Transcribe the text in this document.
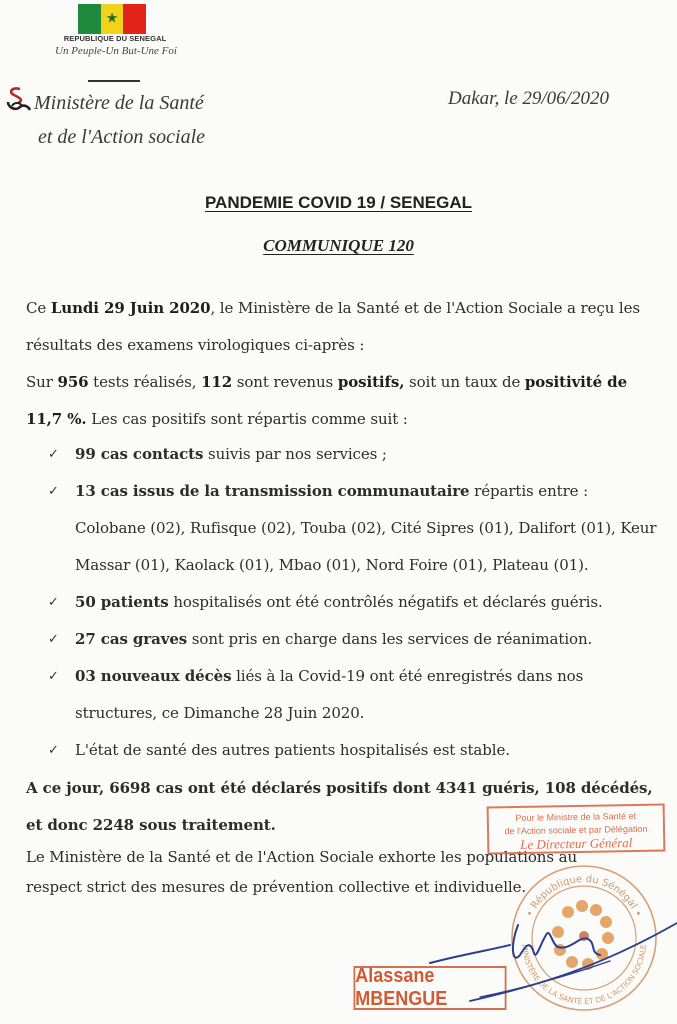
★
REPUBLIQUE DU SENEGAL
Un Peuple-Un But-Une Foi
Ministère de la Santé
et de l'Action sociale
Dakar, le 29/06/2020
PANDEMIE COVID 19 / SENEGAL
COMMUNIQUE 120
Ce Lundi 29 Juin 2020, le Ministère de la Santé et de l'Action Sociale a reçu les résultats des examens virologiques ci-après :
Sur 956 tests réalisés, 112 sont revenus positifs, soit un taux de positivité de 11,7 %. Les cas positifs sont répartis comme suit :
✓ 99 cas contacts suivis par nos services ;
✓ 13 cas issus de la transmission communautaire répartis entre :
Colobane (02), Rufisque (02), Touba (02), Cité Sipres (01), Dalifort (01), Keur Massar (01), Kaolack (01), Mbao (01), Nord Foire (01), Plateau (01).
✓ 50 patients hospitalisés ont été contrôlés négatifs et déclarés guéris.
✓ 27 cas graves sont pris en charge dans les services de réanimation.
✓ 03 nouveaux décès liés à la Covid-19 ont été enregistrés dans nos structures, ce Dimanche 28 Juin 2020.
✓ L'état de santé des autres patients hospitalisés est stable.
A ce jour, 6698 cas ont été déclarés positifs dont 4341 guéris, 108 décédés, et donc 2248 sous traitement.
Le Ministère de la Santé et de l'Action Sociale exhorte les populations au respect strict des mesures de prévention collective et individuelle.
Pour le Ministre de la Santé et
de l'Action sociale et par Délégation
Le Directeur Général
• République du Sénégal •
MINISTÈRE DE LA SANTÉ ET DE L'ACTION SOCIALE
Alassane MBENGUE
